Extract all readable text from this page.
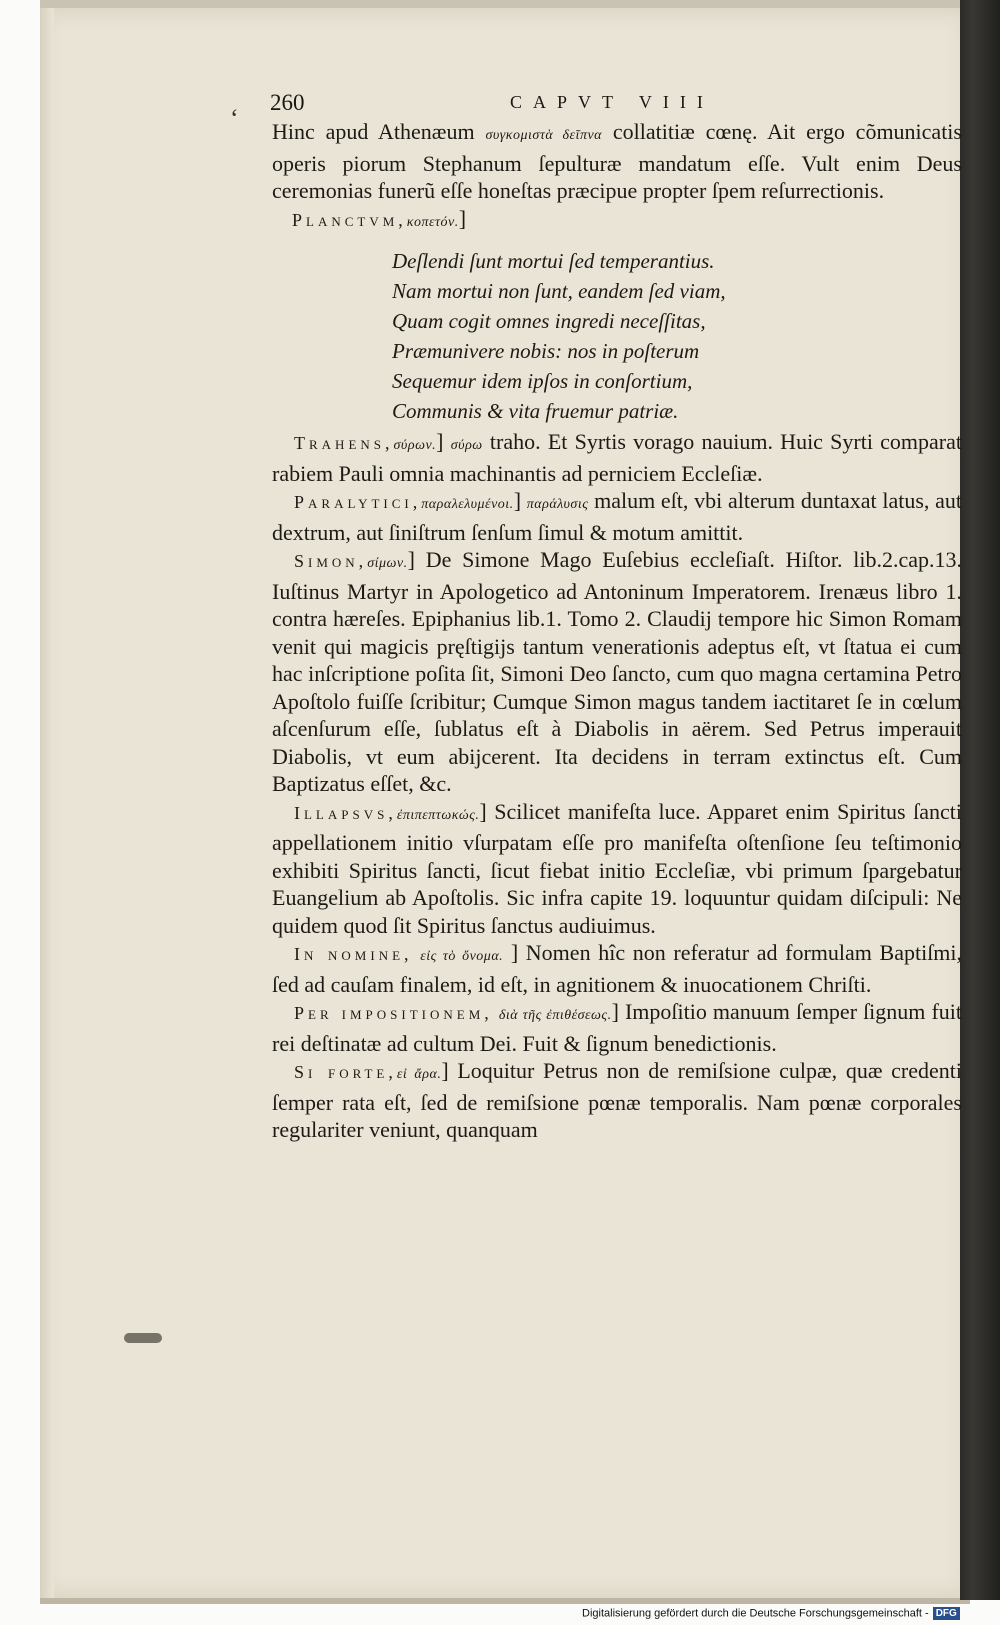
260	CAPVT VIII
ʻ Hinc apud Athenæum συγκομιστὰ δεῖπνα collatitiæ cœnę. Ait ergo cõmunicatis operis piorum Stephanum ſepulturæ mandatum eſſe. Vult enim Deus ceremonias funerũ eſſe honeſtas præcipue propter ſpem reſurrectionis.

Planctvm,κοπετόν.]

Deſlendi ſunt mortui ſed temperantius.
Nam mortui non ſunt, eandem ſed viam,
Quam cogit omnes ingredi neceſſitas,
Præmunivere nobis: nos in poſterum
Sequemur idem ipſos in conſortium,
Communis & vita fruemur patriæ.

Trahens,σύρων.] σύρω traho. Et Syrtis vorago nauium. Huic Syrti comparat rabiem Pauli omnia machinantis ad perniciem Eccleſiæ.

Paralytici,παραλελυμένοι.] παράλυσις malum eſt, vbi alterum duntaxat latus, aut dextrum, aut ſiniſtrum ſenſum ſimul & motum amittit.

Simon,σίμων.] De Simone Mago Euſebius eccleſiaſt. Hiſtor. lib.2.cap.13. Iuſtinus Martyr in Apologetico ad Antoninum Imperatorem. Irenæus libro 1. contra hæreſes. Epiphanius lib.1. Tomo 2. Claudij tempore hic Simon Romam venit qui magicis pręſtigijs tantum venerationis adeptus eſt, vt ſtatua ei cum hac inſcriptione poſita ſit, Simoni Deo ſancto, cum quo magna certamina Petro Apoſtolo fuiſſe ſcribitur; Cumque Simon magus tandem iactitaret ſe in cœlum aſcenſurum eſſe, ſublatus eſt à Diabolis in aërem. Sed Petrus imperauit Diabolis, vt eum abijcerent. Ita decidens in terram extinctus eſt. Cum Baptizatus eſſet, &c.

Illapsvs,ἐπιπεπτωκώς.] Scilicet manifeſta luce. Apparet enim Spiritus ſancti appellationem initio vſurpatam eſſe pro manifeſta oſtenſione ſeu teſtimonio exhibiti Spiritus ſancti, ſicut fiebat initio Eccleſiæ, vbi primum ſpargebatur Euangelium ab Apoſtolis. Sic infra capite 19. loquuntur quidam diſcipuli: Ne quidem quod ſit Spiritus ſanctus audiuimus.

In nomine, εἰς τὸ ὄνομα. ] Nomen hîc non referatur ad formulam Baptiſmi, ſed ad cauſam finalem, id eſt, in agnitionem & inuocationem Chriſti.

Per impositionem, διὰ τῆς ἐπιθέσεως.] Impoſitio manuum ſemper ſignum fuit rei deſtinatæ ad cultum Dei. Fuit & ſignum benedictionis.

Si forte,εἰ ἄρα.] Loquitur Petrus non de remiſsione culpæ, quæ credenti ſemper rata eſt, ſed de remiſsione pœnæ temporalis. Nam pœnæ corporales regulariter veniunt, quanquam

Digitalisierung gefördert durch die Deutsche Forschungsgemeinschaft - DFG
